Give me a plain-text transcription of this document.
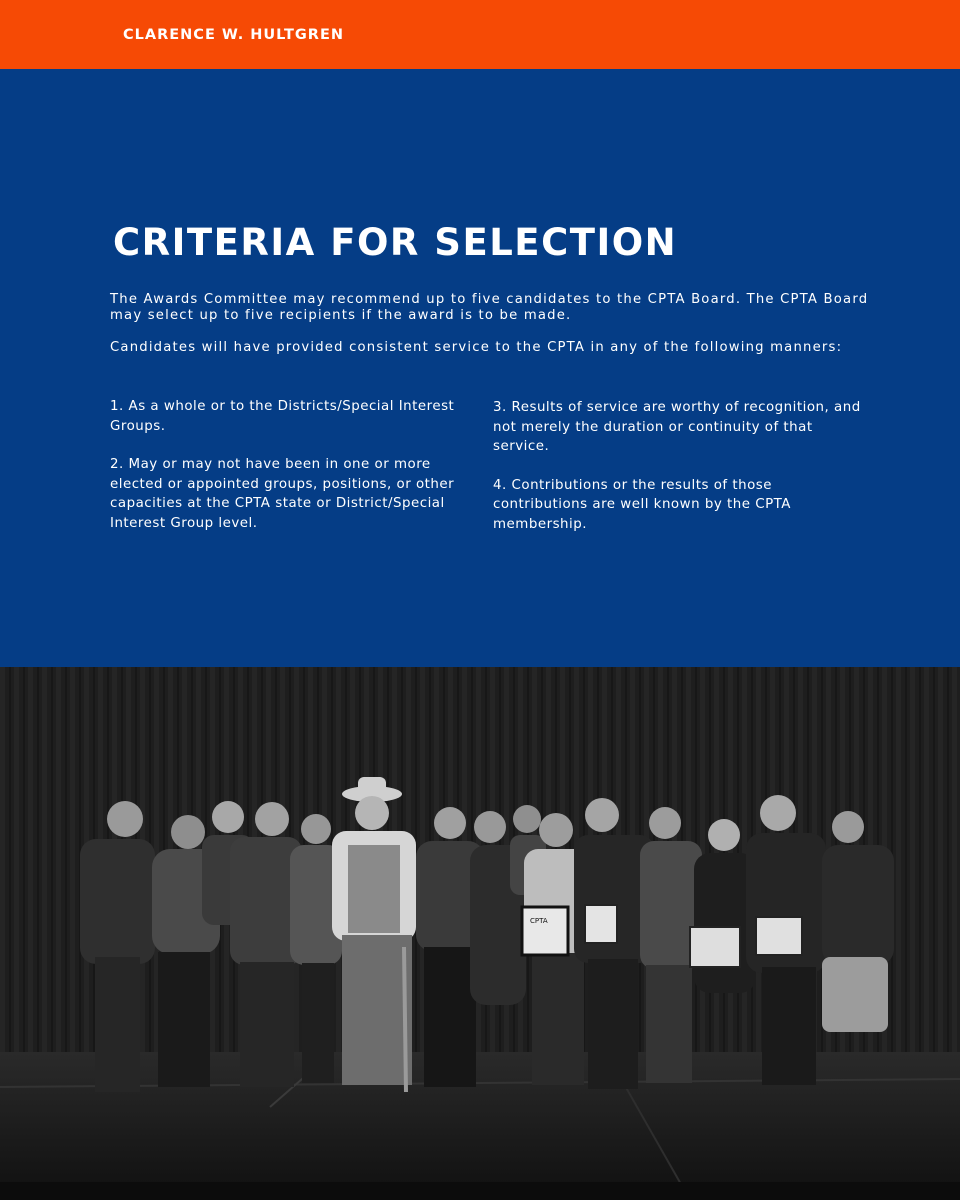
CLARENCE W. HULTGREN
CRITERIA FOR SELECTION

The Awards Committee may recommend up to five candidates to the CPTA Board. The CPTA Board may select up to five recipients if the award is to be made.

Candidates will have provided consistent service to the CPTA in any of the following manners:

1. As a whole or to the Districts/Special Interest Groups.

2. May or may not have been in one or more elected or appointed groups, positions, or other capacities at the CPTA state or District/Special Interest Group level.

3. Results of service are worthy of recognition, and not merely the duration or continuity of that service.

4. Contributions or the results of those contributions are well known by the CPTA membership.

CPTA
